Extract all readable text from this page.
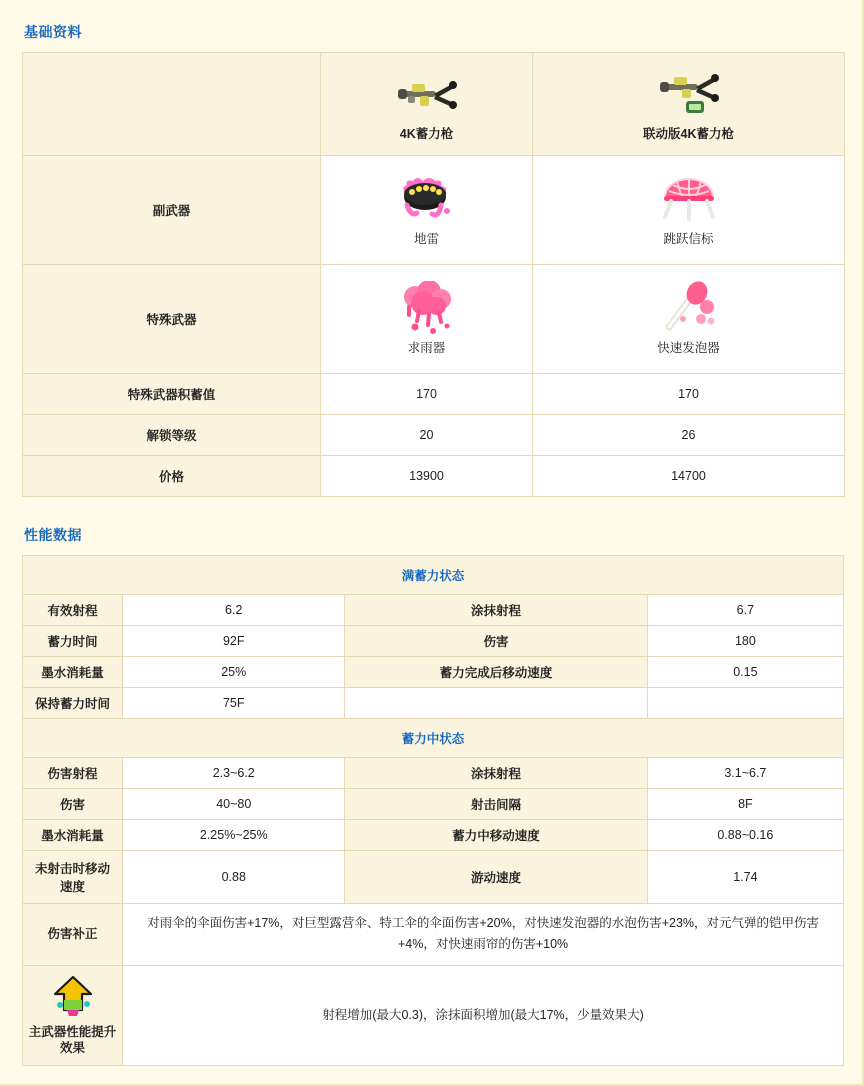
基础资料

	4K蓄力枪	联动版4K蓄力枪

副武器	地雷	跳跃信标

特殊武器	求雨器	快速发泡器

特殊武器积蓄值	170	170
解锁等级	20	26
价格	13900	14700
性能数据
满蓄力状态			
有效射程	6.2	涂抹射程	6.7
蓄力时间	92F	伤害	180
墨水消耗量	25%	蓄力完成后移动速度	0.15
保持蓄力时间	75F		
蓄力中状态			
伤害射程	2.3~6.2	涂抹射程	3.1~6.7
伤害	40~80	射击间隔	8F
墨水消耗量	2.25%~25%	蓄力中移动速度	0.88~0.16
未射击时移动速度	0.88	游动速度	1.74
伤害补正	对雨伞的伞面伤害+17%，对巨型露营伞、特工伞的伞面伤害+20%，对快速发泡器的水泡伤害+23%，对元气弹的铠甲伤害+4%，对快速雨帘的伤害+10%		

主武器性能提升效果	射程增加(最大0.3)，涂抹面积增加(最大17%，少量效果大)		
